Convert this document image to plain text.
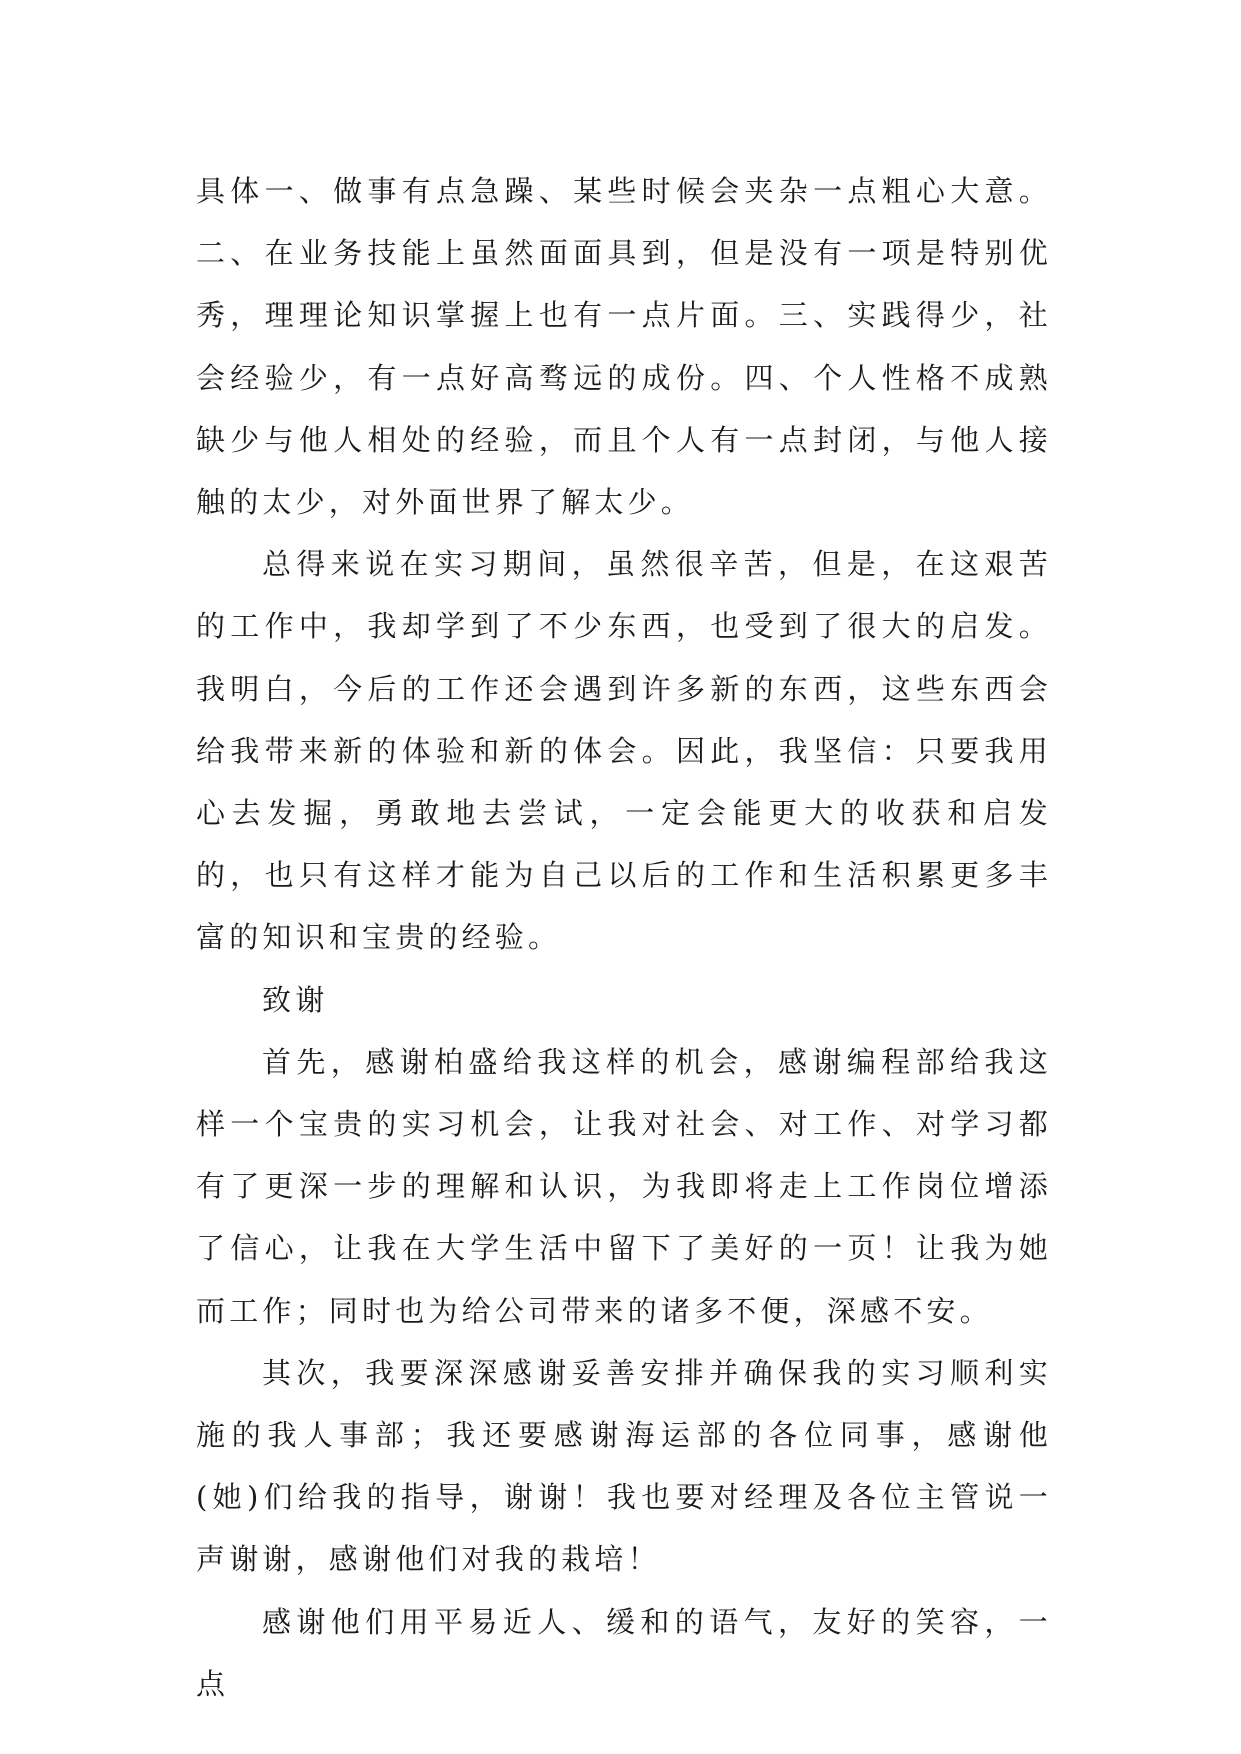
具体一、做事有点急躁、某些时候会夹杂一点粗心大意。二、在业务技能上虽然面面具到，但是没有一项是特别优秀，理理论知识掌握上也有一点片面。三、实践得少，社会经验少，有一点好高骛远的成份。四、个人性格不成熟缺少与他人相处的经验，而且个人有一点封闭，与他人接触的太少，对外面世界了解太少。

总得来说在实习期间，虽然很辛苦，但是，在这艰苦的工作中，我却学到了不少东西，也受到了很大的启发。我明白，今后的工作还会遇到许多新的东西，这些东西会给我带来新的体验和新的体会。因此，我坚信：只要我用心去发掘，勇敢地去尝试，一定会能更大的收获和启发的，也只有这样才能为自己以后的工作和生活积累更多丰富的知识和宝贵的经验。

致谢

首先，感谢柏盛给我这样的机会，感谢编程部给我这样一个宝贵的实习机会，让我对社会、对工作、对学习都有了更深一步的理解和认识，为我即将走上工作岗位增添了信心，让我在大学生活中留下了美好的一页！让我为她而工作；同时也为给公司带来的诸多不便，深感不安。

其次，我要深深感谢妥善安排并确保我的实习顺利实施的我人事部；我还要感谢海运部的各位同事，感谢他(她)们给我的指导，谢谢！我也要对经理及各位主管说一声谢谢，感谢他们对我的栽培！

感谢他们用平易近人、缓和的语气，友好的笑容，一点
